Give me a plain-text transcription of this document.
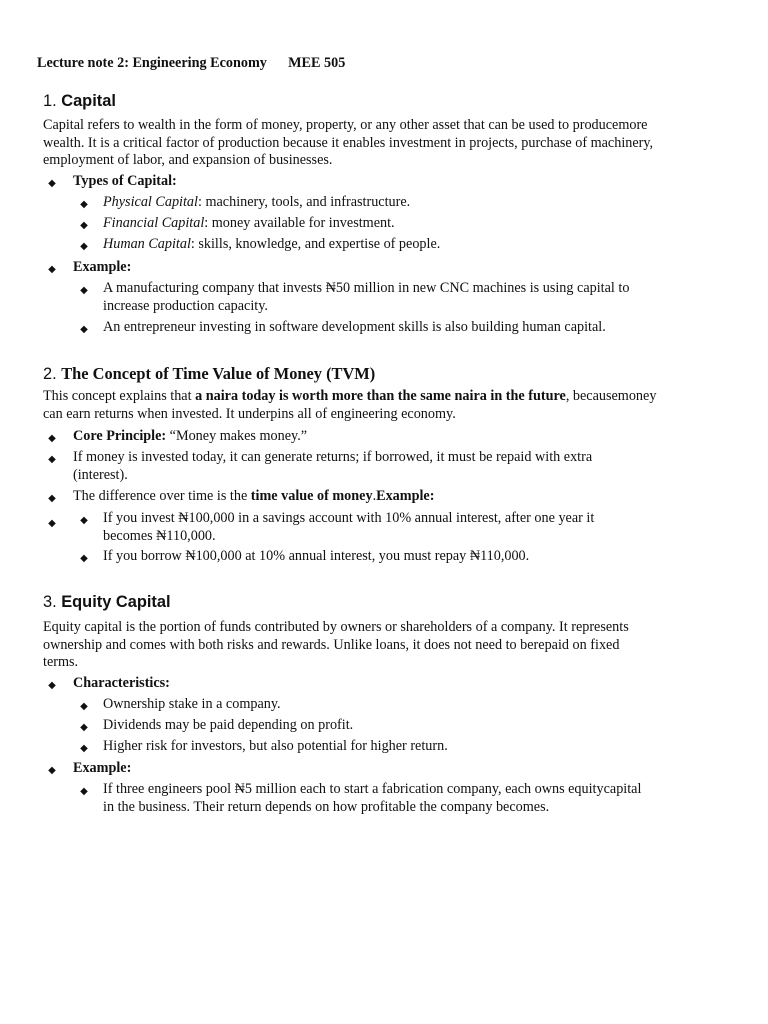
Lecture note 2: Engineering Economy MEE 505
1. Capital
Capital refers to wealth in the form of money, property, or any other asset that can be used to producemore
wealth. It is a critical factor of production because it enables investment in projects, purchase of machinery,
employment of labor, and expansion of businesses.
◆ Types of Capital:
◆ Physical Capital: machinery, tools, and infrastructure.
◆ Financial Capital: money available for investment.
◆ Human Capital: skills, knowledge, and expertise of people.
◆ Example:
◆ A manufacturing company that invests ₦50 million in new CNC machines is using capital to
increase production capacity.
◆ An entrepreneur investing in software development skills is also building human capital.
2. The Concept of Time Value of Money (TVM)
This concept explains that a naira today is worth more than the same naira in the future, becausemoney
can earn returns when invested. It underpins all of engineering economy.
◆ Core Principle: “Money makes money.”
◆ If money is invested today, it can generate returns; if borrowed, it must be repaid with extra
(interest).
◆ The difference over time is the time value of money.Example:
◆ ◆ If you invest ₦100,000 in a savings account with 10% annual interest, after one year it
becomes ₦110,000.
◆ If you borrow ₦100,000 at 10% annual interest, you must repay ₦110,000.
3. Equity Capital
Equity capital is the portion of funds contributed by owners or shareholders of a company. It represents
ownership and comes with both risks and rewards. Unlike loans, it does not need to berepaid on fixed
terms.
◆ Characteristics:
◆ Ownership stake in a company.
◆ Dividends may be paid depending on profit.
◆ Higher risk for investors, but also potential for higher return.
◆ Example:
◆ If three engineers pool ₦5 million each to start a fabrication company, each owns equitycapital
in the business. Their return depends on how profitable the company becomes.
